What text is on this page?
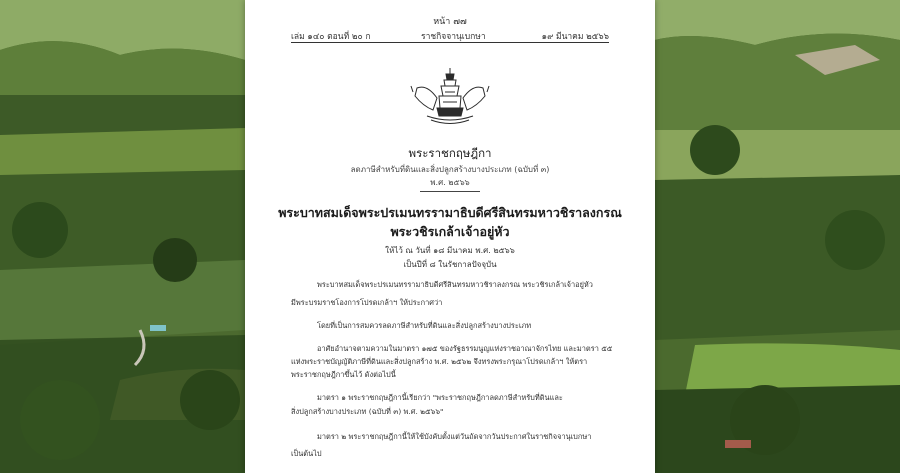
หน้า ๗๗
เล่ม ๑๔๐ ตอนที่ ๒๐ ก	ราชกิจจานุเบกษา	๑๙ มีนาคม ๒๕๖๖
พระราชกฤษฎีกา
ลดภาษีสำหรับที่ดินและสิ่งปลูกสร้างบางประเภท (ฉบับที่ ๓)
พ.ศ. ๒๕๖๖
พระบาทสมเด็จพระปรเมนทรรามาธิบดีศรีสินทรมหาวชิราลงกรณ
พระวชิรเกล้าเจ้าอยู่หัว
ให้ไว้ ณ วันที่ ๑๘ มีนาคม พ.ศ. ๒๕๖๖
เป็นปีที่ ๘ ในรัชกาลปัจจุบัน
พระบาทสมเด็จพระปรเมนทรรามาธิบดีศรีสินทรมหาวชิราลงกรณ พระวชิรเกล้าเจ้าอยู่หัว
มีพระบรมราชโองการโปรดเกล้าฯ ให้ประกาศว่า
โดยที่เป็นการสมควรลดภาษีสำหรับที่ดินและสิ่งปลูกสร้างบางประเภท
อาศัยอำนาจตามความในมาตรา ๑๗๕ ของรัฐธรรมนูญแห่งราชอาณาจักรไทย และมาตรา ๕๕
แห่งพระราชบัญญัติภาษีที่ดินและสิ่งปลูกสร้าง พ.ศ. ๒๕๖๒ จึงทรงพระกรุณาโปรดเกล้าฯ ให้ตรา
พระราชกฤษฎีกาขึ้นไว้ ดังต่อไปนี้
มาตรา ๑ พระราชกฤษฎีกานี้เรียกว่า "พระราชกฤษฎีกาลดภาษีสำหรับที่ดินและ
สิ่งปลูกสร้างบางประเภท (ฉบับที่ ๓) พ.ศ. ๒๕๖๖"
มาตรา ๒ พระราชกฤษฎีกานี้ให้ใช้บังคับตั้งแต่วันถัดจากวันประกาศในราชกิจจานุเบกษา
เป็นต้นไป
